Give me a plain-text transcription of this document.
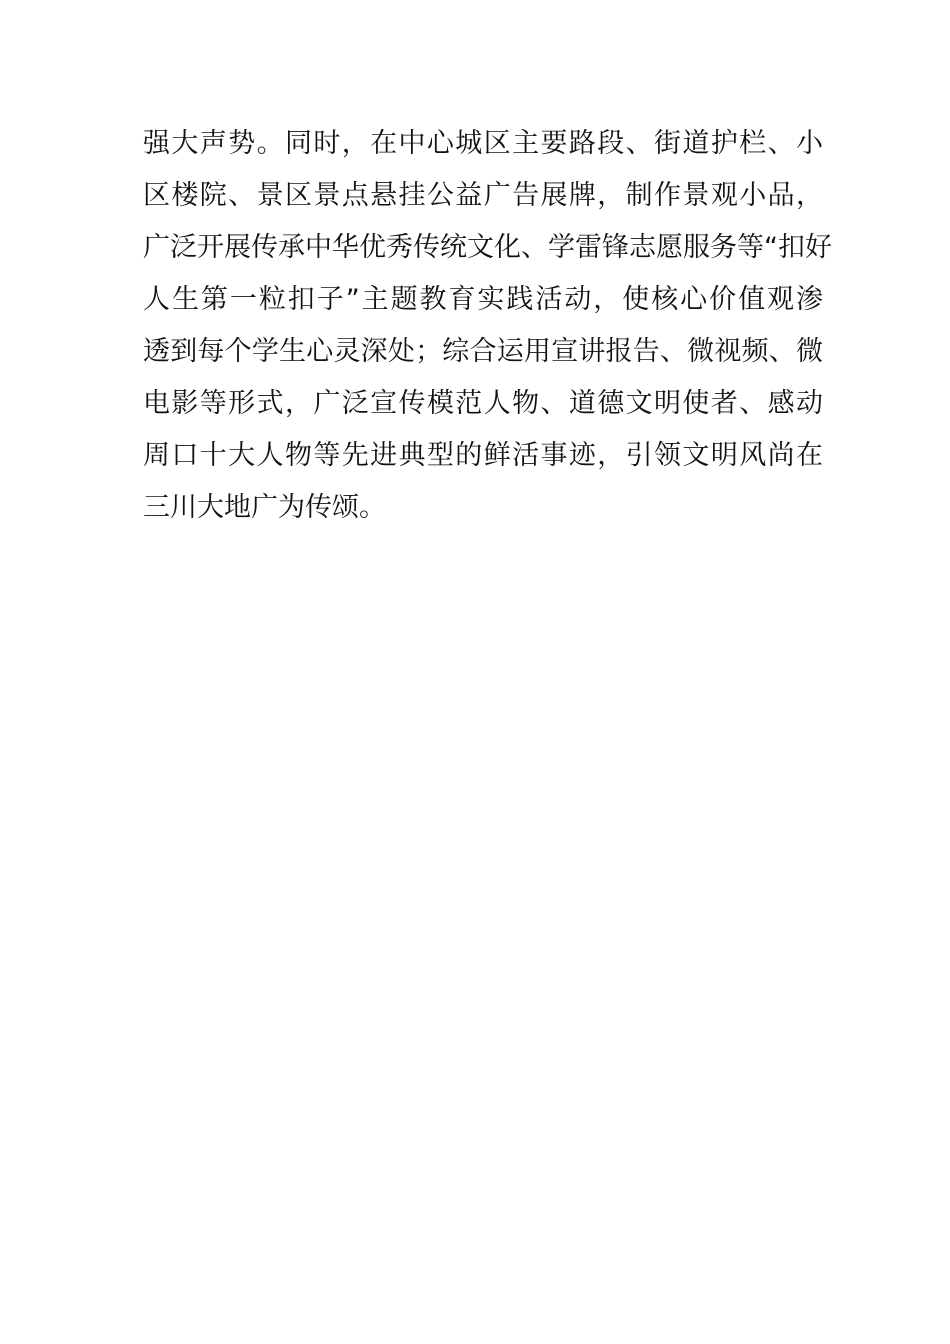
强大声势。同时，在中心城区主要路段、街道护栏、小
区楼院、景区景点悬挂公益广告展牌，制作景观小品，
广泛开展传承中华优秀传统文化、学雷锋志愿服务等“扣好
人生第一粒扣子”主题教育实践活动，使核心价值观渗
透到每个学生心灵深处；综合运用宣讲报告、微视频、微
电影等形式，广泛宣传模范人物、道德文明使者、感动
周口十大人物等先进典型的鲜活事迹，引领文明风尚在
三川大地广为传颂。
